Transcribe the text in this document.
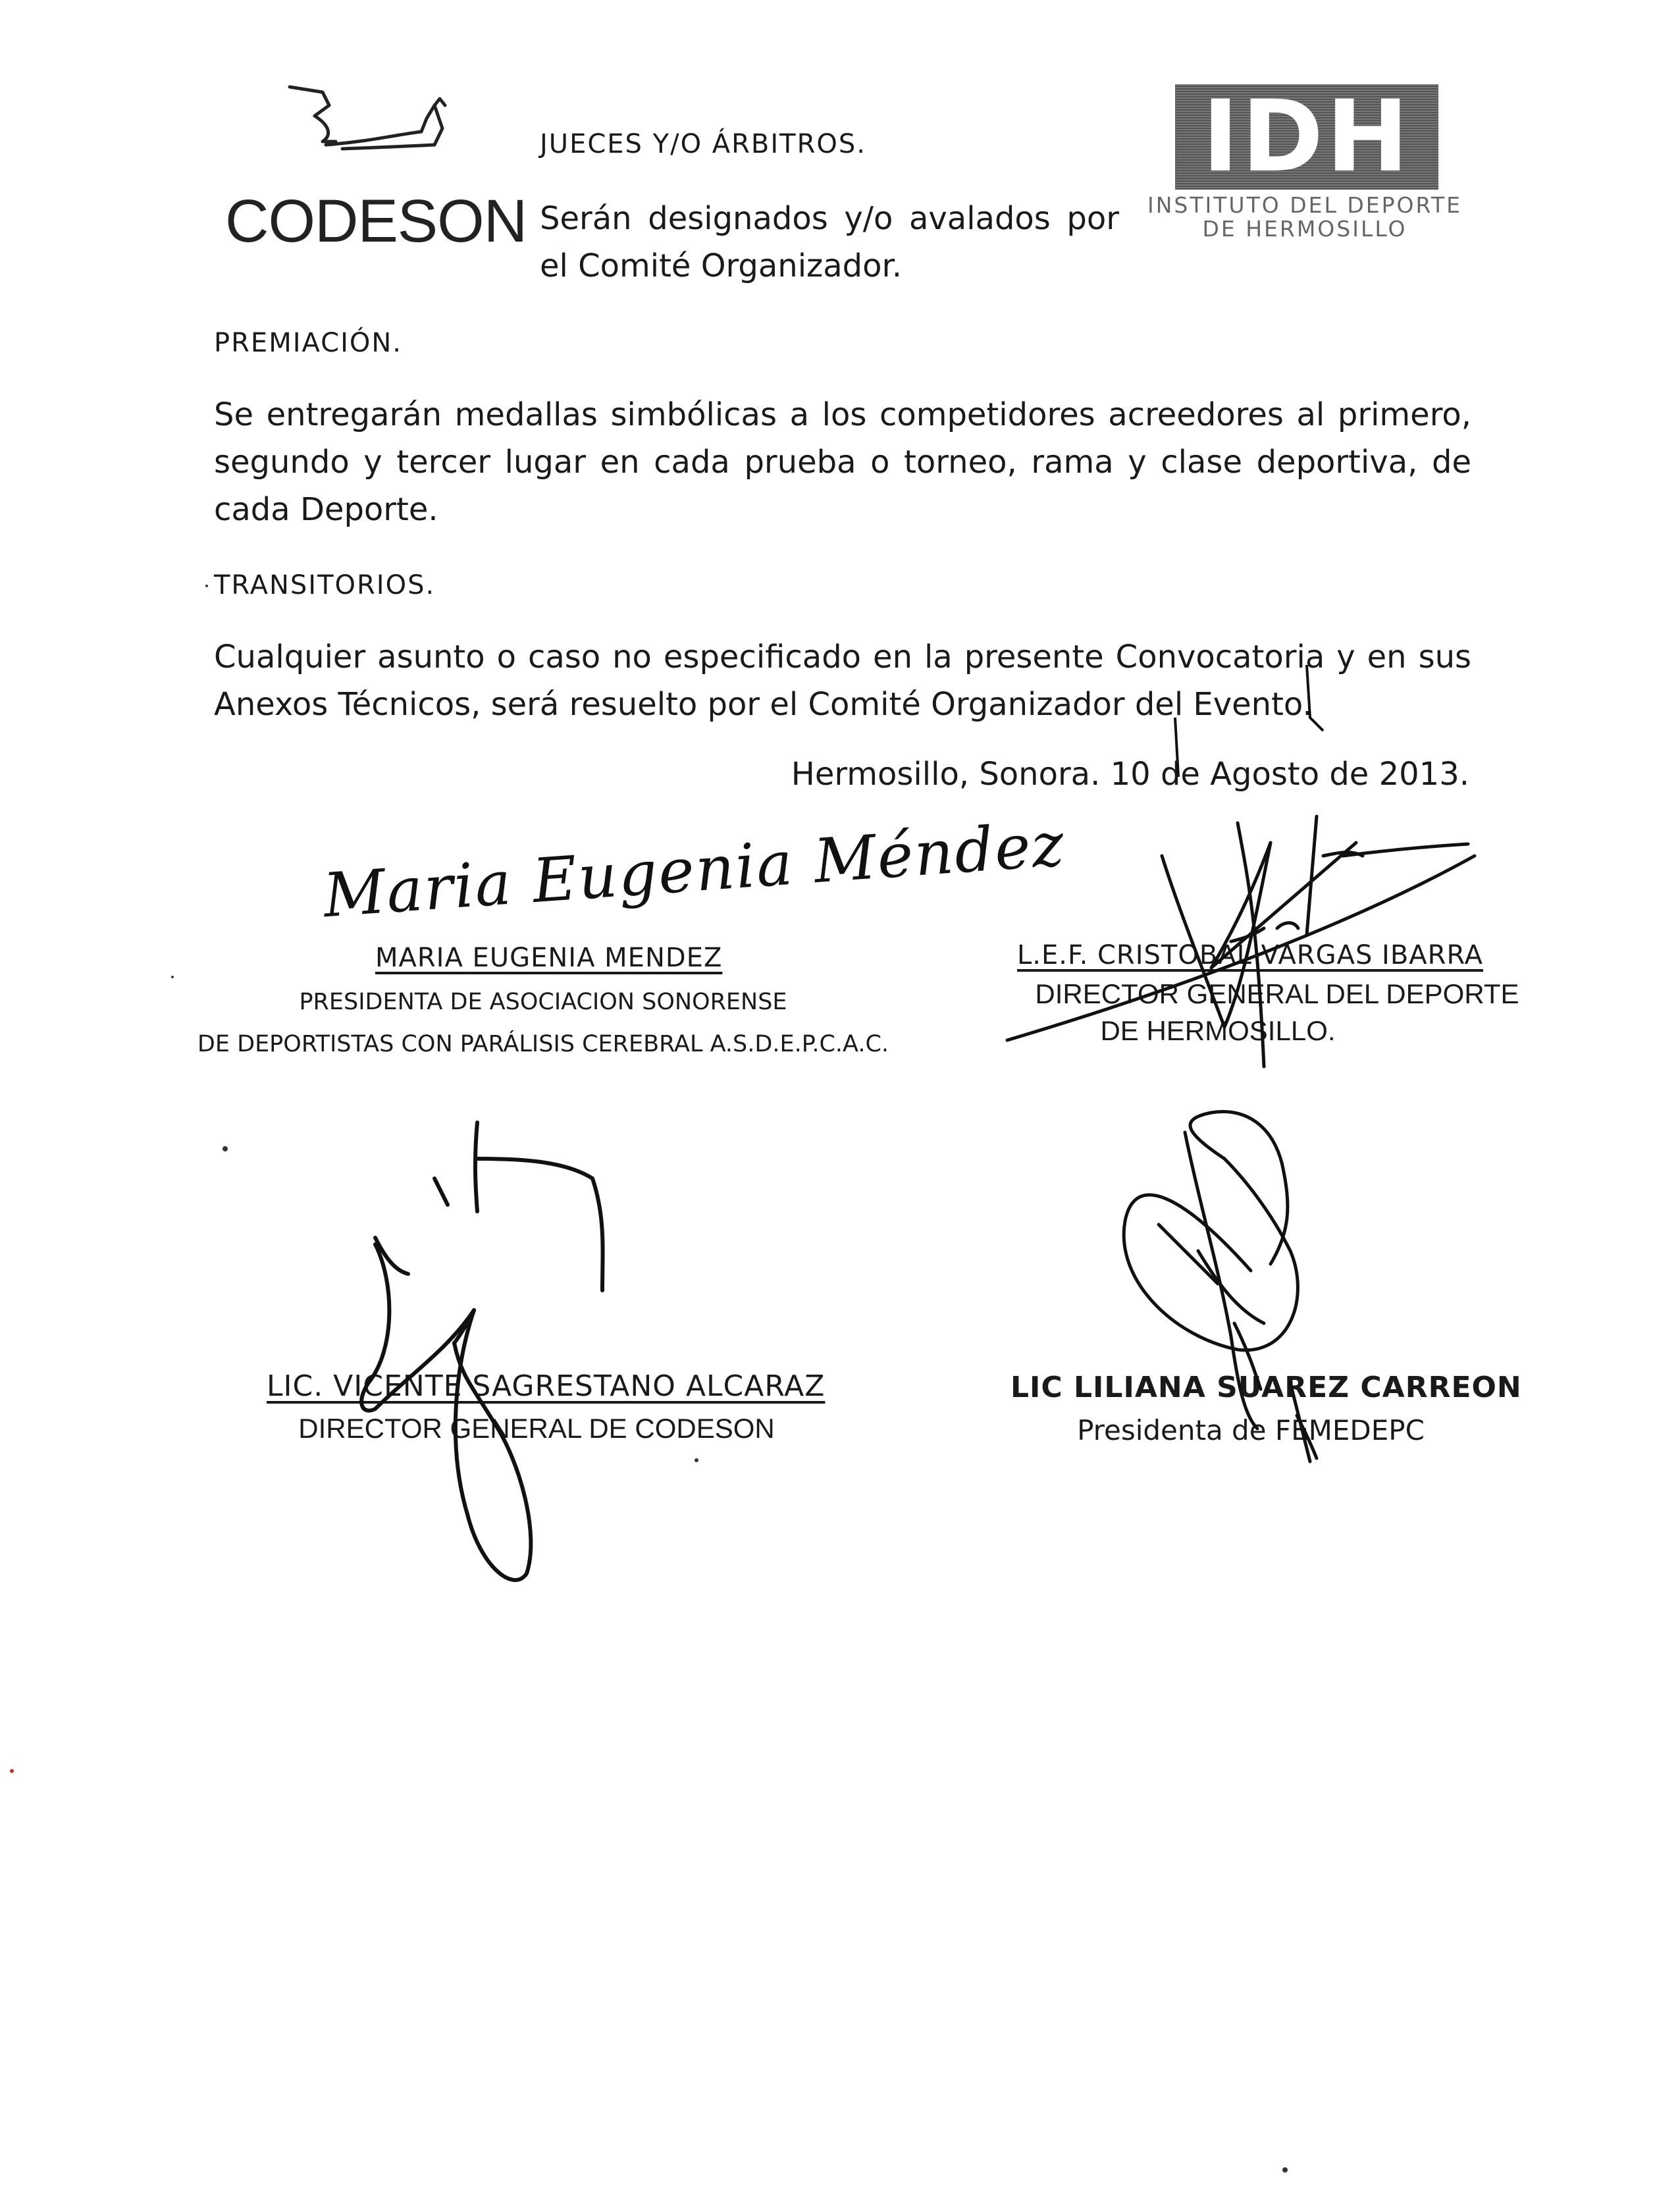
CODESON
IDH
INSTITUTO DEL DEPORTE
DE HERMOSILLO
JUECES Y/O ÁRBITROS.
Serán designados y/o avalados por el Comité Organizador.
PREMIACIÓN.
Se entregarán medallas simbólicas a los competidores acreedores al primero, segundo y tercer lugar en cada prueba o torneo, rama y clase deportiva, de cada Deporte.
TRANSITORIOS.
Cualquier asunto o caso no especificado en la presente Convocatoria y en sus Anexos Técnicos, será resuelto por el Comité Organizador del Evento.
Hermosillo, Sonora. 10 de Agosto de 2013.
Maria Eugenia Méndez
MARIA EUGENIA MENDEZ
PRESIDENTA DE ASOCIACION SONORENSE
DE DEPORTISTAS CON PARÁLISIS CEREBRAL A.S.D.E.P.C.A.C.
L.E.F. CRISTOBAL VARGAS IBARRA
DIRECTOR GENERAL DEL DEPORTE
DE HERMOSILLO.
LIC. VICENTE SAGRESTANO ALCARAZ
DIRECTOR GENERAL DE CODESON
LIC LILIANA SUAREZ CARREON
Presidenta de FEMEDEPC
